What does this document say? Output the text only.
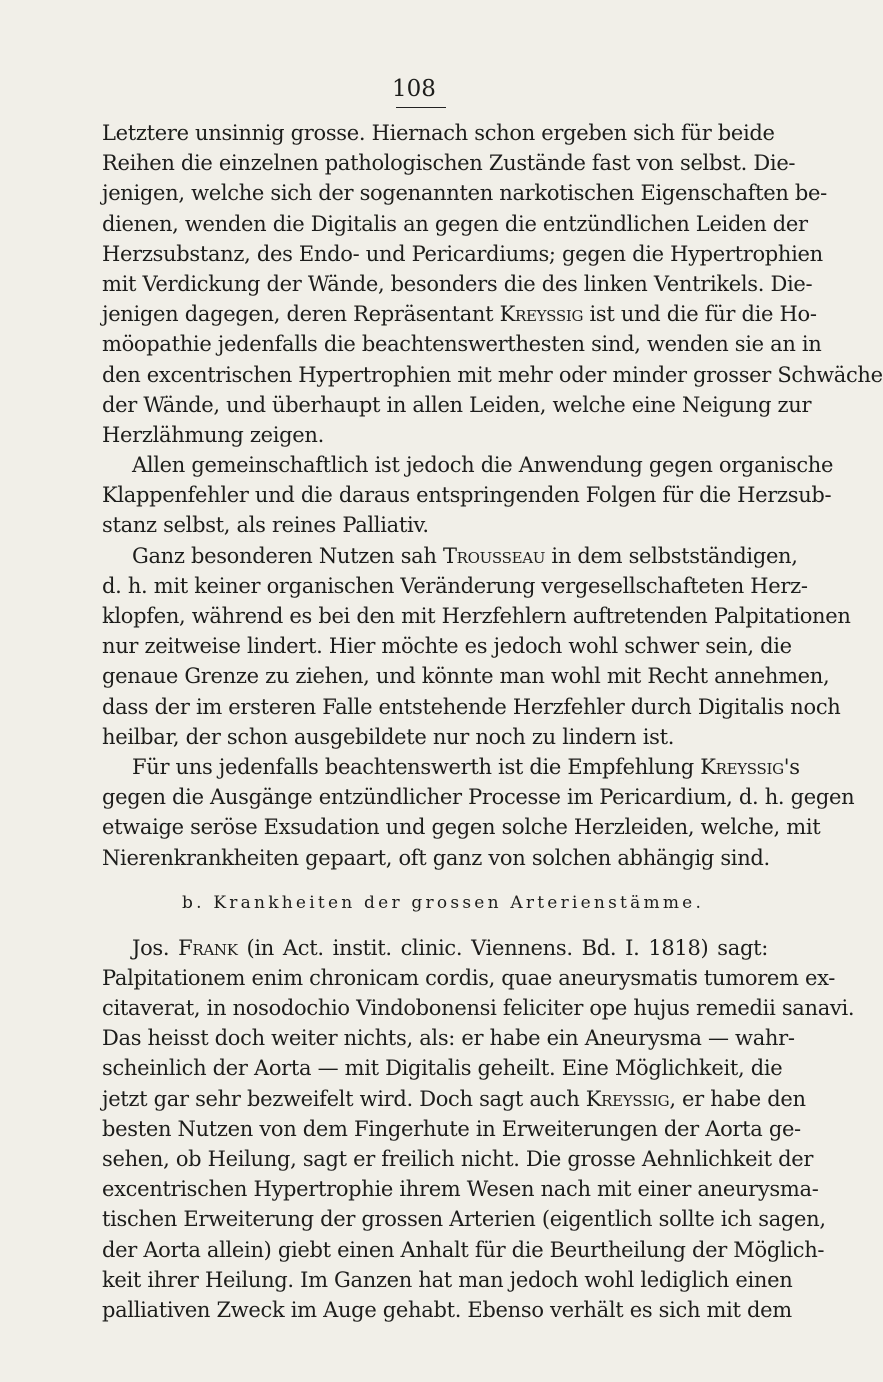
108
Letztere unsinnig grosse. Hiernach schon ergeben sich für beide
Reihen die einzelnen pathologischen Zustände fast von selbst. Die-
jenigen, welche sich der sogenannten narkotischen Eigenschaften be-
dienen, wenden die Digitalis an gegen die entzündlichen Leiden der
Herzsubstanz, des Endo- und Pericardiums; gegen die Hypertrophien
mit Verdickung der Wände, besonders die des linken Ventrikels. Die-
jenigen dagegen, deren Repräsentant Kreyssig ist und die für die Ho-
möopathie jedenfalls die beachtenswerthesten sind, wenden sie an in
den excentrischen Hypertrophien mit mehr oder minder grosser Schwäche
der Wände, und überhaupt in allen Leiden, welche eine Neigung zur
Herzlähmung zeigen.
Allen gemeinschaftlich ist jedoch die Anwendung gegen organische
Klappenfehler und die daraus entspringenden Folgen für die Herzsub-
stanz selbst, als reines Palliativ.
Ganz besonderen Nutzen sah Trousseau in dem selbstständigen,
d. h. mit keiner organischen Veränderung vergesellschafteten Herz-
klopfen, während es bei den mit Herzfehlern auftretenden Palpitationen
nur zeitweise lindert. Hier möchte es jedoch wohl schwer sein, die
genaue Grenze zu ziehen, und könnte man wohl mit Recht annehmen,
dass der im ersteren Falle entstehende Herzfehler durch Digitalis noch
heilbar, der schon ausgebildete nur noch zu lindern ist.
Für uns jedenfalls beachtenswerth ist die Empfehlung Kreyssig's
gegen die Ausgänge entzündlicher Processe im Pericardium, d. h. gegen
etwaige seröse Exsudation und gegen solche Herzleiden, welche, mit
Nierenkrankheiten gepaart, oft ganz von solchen abhängig sind.
b. Krankheiten der grossen Arterienstämme.
Jos. Frank (in Act. instit. clinic. Viennens. Bd. I. 1818) sagt:
Palpitationem enim chronicam cordis, quae aneurysmatis tumorem ex-
citaverat, in nosodochio Vindobonensi feliciter ope hujus remedii sanavi.
Das heisst doch weiter nichts, als: er habe ein Aneurysma — wahr-
scheinlich der Aorta — mit Digitalis geheilt. Eine Möglichkeit, die
jetzt gar sehr bezweifelt wird. Doch sagt auch Kreyssig, er habe den
besten Nutzen von dem Fingerhute in Erweiterungen der Aorta ge-
sehen, ob Heilung, sagt er freilich nicht. Die grosse Aehnlichkeit der
excentrischen Hypertrophie ihrem Wesen nach mit einer aneurysma-
tischen Erweiterung der grossen Arterien (eigentlich sollte ich sagen,
der Aorta allein) giebt einen Anhalt für die Beurtheilung der Möglich-
keit ihrer Heilung. Im Ganzen hat man jedoch wohl lediglich einen
palliativen Zweck im Auge gehabt. Ebenso verhält es sich mit dem
